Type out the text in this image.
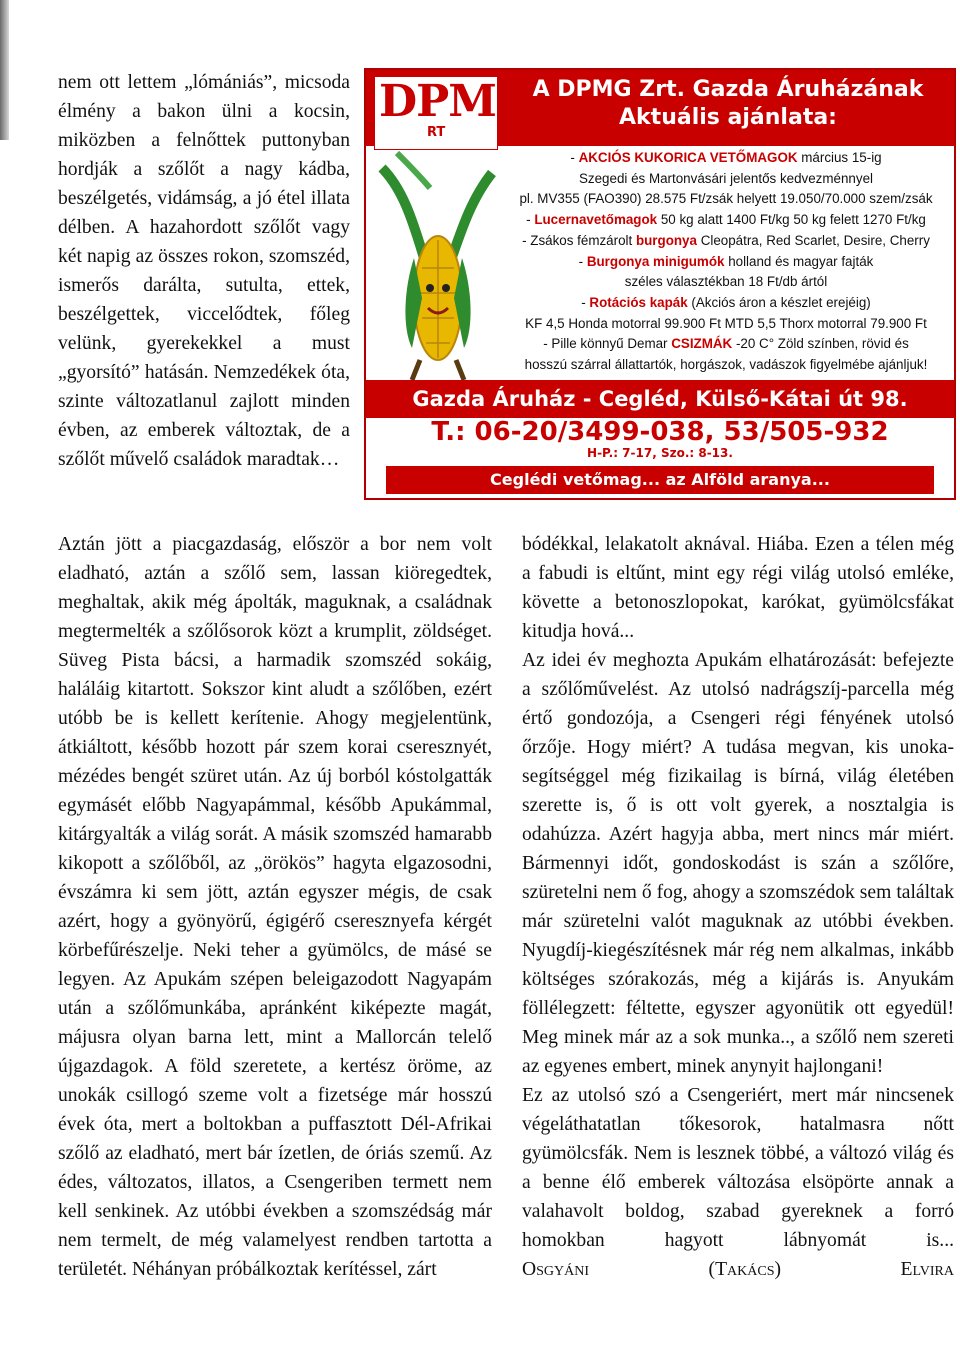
nem ott lettem „lómániás”, micsoda élmény a bakon ülni a kocsin, miközben a felnőttek puttonyban hordják a szőlőt a nagy kádba, beszélgetés, vidámság, a jó étel illata délben. A hazahordott szőlőt vagy két napig az összes rokon, szomszéd, ismerős darálta, sutulta, ettek, beszélgettek, viccelődtek, főleg velünk, gyerekekkel a must „gyorsító” hatásán. Nemzedékek óta, szinte változatlanul zajlott minden évben, az emberek változtak, de a szőlőt művelő családok maradtak…

Aztán jött a piacgazdaság, először a bor nem volt eladható, aztán a szőlő sem, lassan kiöregedtek, meghaltak, akik még ápolták, maguknak, a családnak megtermelték a szőlősorok közt a krumplit, zöldséget. Süveg Pista bácsi, a harmadik szomszéd sokáig, haláláig kitartott. Sokszor kint aludt a szőlőben, ezért utóbb be is kellett kerítenie. Ahogy megjelentünk, átkiáltott, később hozott pár szem korai cseresznyét, mézédes bengét szüret után. Az új borból kóstolgatták egymásét előbb Nagyapámmal, később Apukámmal, kitárgyalták a világ sorát. A másik szomszéd hamarabb kikopott a szőlőből, az „örökös” hagyta elgazosodni, évszámra ki sem jött, aztán egyszer mégis, de csak azért, hogy a gyönyörű, égigérő cseresznyefa kérgét körbefűrészelje. Neki teher a gyümölcs, de másé se legyen. Az Apukám szépen beleigazodott Nagyapám után a szőlőmunkába, apránként kiképezte magát, májusra olyan barna lett, mint a Mallorcán telelő újgazdagok. A föld szeretete, a kertész öröme, az unokák csillogó szeme volt a fizetsége már hosszú évek óta, mert a boltokban a puffasztott Dél-Afrikai szőlő az eladható, mert bár ízetlen, de óriás szemű. Az édes, változatos, illatos, a Csengeriben termett nem kell senkinek. Az utóbbi években a szomszédság már nem termelt, de még valamelyest rendben tartotta a területét. Néhányan próbálkoztak kerítéssel, zárt

bódékkal, lelakatolt aknával. Hiába. Ezen a télen még a fabudi is eltűnt, mint egy régi világ utolsó emléke, követte a betonoszlopokat, karókat, gyümölcsfákat kitudja hová...

Az idei év meghozta Apukám elhatározását: befejezte a szőlőművelést. Az utolsó nadrágszíj-parcella még értő gondozója, a Csengeri régi fényének utolsó őrzője. Hogy miért? A tudása megvan, kis unoka-segítséggel még fizikailag is bírná, világ életében szerette is, ő is ott volt gyerek, a nosztalgia is odahúzza. Azért hagyja abba, mert nincs már miért. Bármennyi időt, gondoskodást is szán a szőlőre, szüretelni nem ő fog, ahogy a szomszédok sem találtak már szüretelni valót maguknak az utóbbi években. Nyugdíj-kiegészítésnek már rég nem alkalmas, inkább költséges szórakozás, még a kijárás is. Anyukám föllélegzett: féltette, egyszer agyonütik ott egyedül! Meg minek már az a sok munka.., a szőlő nem szereti az egyenes embert, minek anynyit hajlongani!

Ez az utolsó szó a Csengeriért, mert már nincsenek végeláthatatlan tőkesorok, hatalmasra nőtt gyümölcsfák. Nem is lesznek többé, a változó világ és a benne élő emberek változása elsöpörte annak a valahavolt boldog, szabad gyereknek a forró homokban hagyott lábnyomát is... Osgyáni (Takács) Elvira

DPMG
RT
A DPMG Zrt. Gazda Áruházának
Aktuális ajánlata:
- AKCIÓS KUKORICA VETŐMAGOK március 15-ig
Szegedi és Martonvásári jelentős kedvezménnyel
pl. MV355 (FAO390) 28.575 Ft/zsák helyett 19.050/70.000 szem/zsák
- Lucernavetőmagok 50 kg alatt 1400 Ft/kg 50 kg felett 1270 Ft/kg
- Zsákos fémzárolt burgonya Cleopátra, Red Scarlet, Desire, Cherry
- Burgonya minigumók holland és magyar fajták
széles választékban 18 Ft/db ártól
- Rotációs kapák (Akciós áron a készlet erejéig)
KF 4,5 Honda motorral 99.900 Ft MTD 5,5 Thorx motorral 79.900 Ft
- Pille könnyű Demar CSIZMÁK -20 C° Zöld színben, rövid és
hosszú szárral állattartók, horgászok, vadászok figyelmébe ajánljuk!
Gazda Áruház - Cegléd, Külső-Kátai út 98.
T.: 06-20/3499-038, 53/505-932
H-P.: 7-17, Szo.: 8-13.
Ceglédi vetőmag... az Alföld aranya...
